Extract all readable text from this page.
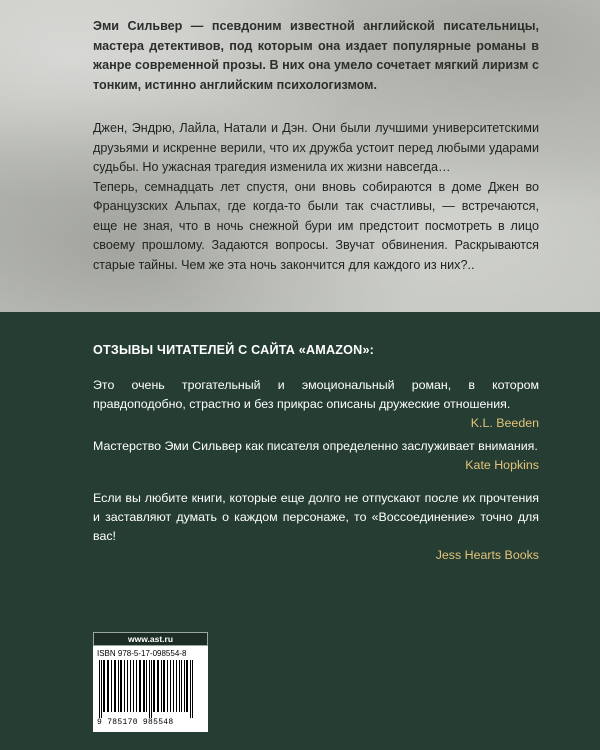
Эми Сильвер — псевдоним известной английской писательницы, мастера детективов, под которым она издает популярные романы в жанре современной прозы. В них она умело сочетает мягкий лиризм с тонким, истинно английским психологизмом.

Джен, Эндрю, Лайла, Натали и Дэн. Они были лучшими университетскими друзьями и искренне верили, что их дружба устоит перед любыми ударами судьбы. Но ужасная трагедия изменила их жизни навсегда…
Теперь, семнадцать лет спустя, они вновь собираются в доме Джен во Французских Альпах, где когда-то были так счастливы, — встречаются, еще не зная, что в ночь снежной бури им предстоит посмотреть в лицо своему прошлому. Задаются вопросы. Звучат обвинения. Раскрываются старые тайны. Чем же эта ночь закончится для каждого из них?..

ОТЗЫВЫ ЧИТАТЕЛЕЙ С САЙТА «AMAZON»:

Это очень трогательный и эмоциональный роман, в котором правдоподобно, страстно и без прикрас описаны дружеские отношения.

K.L. Beeden

Мастерство Эми Сильвер как писателя определенно заслуживает внимания.

Kate Hopkins

Если вы любите книги, которые еще долго не отпускают после их прочтения и заставляют думать о каждом персонаже, то «Воссоединение» точно для вас!

Jess Hearts Books

www.ast.ru

ISBN 978-5-17-098554-8

9 785170 985548
